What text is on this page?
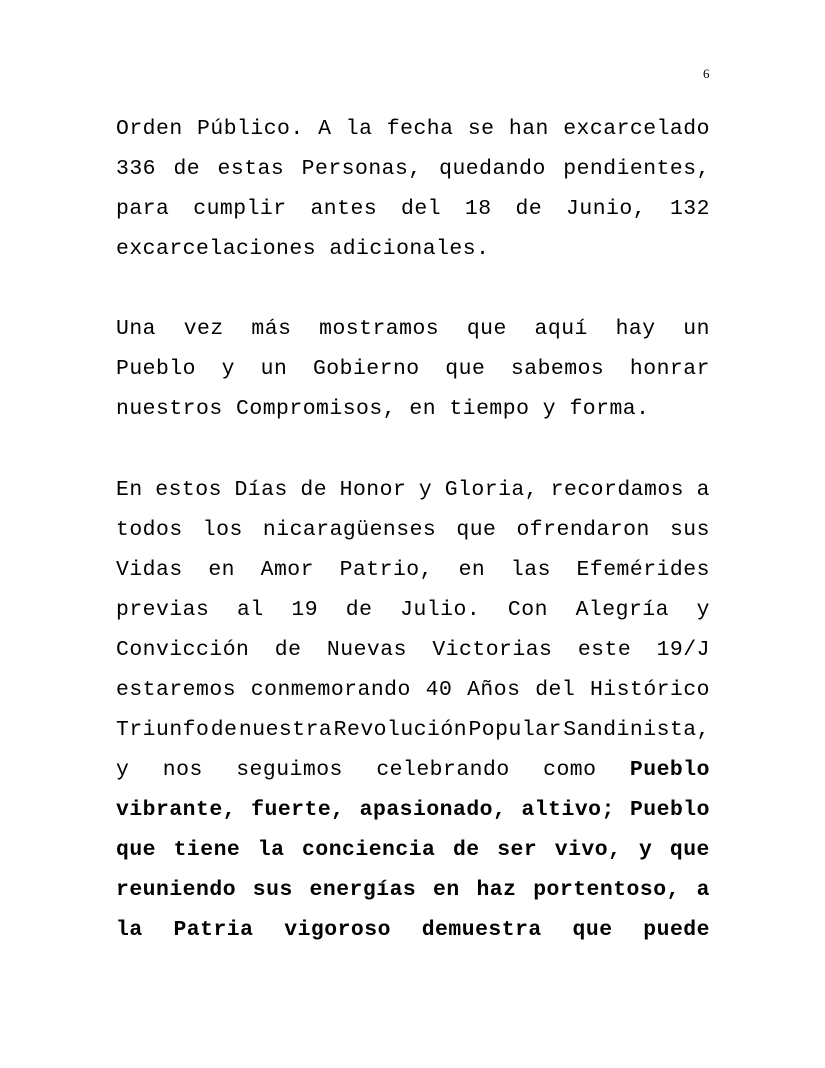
6
Orden Público. A la fecha se han excarcelado
336 de estas Personas, quedando pendientes,
para cumplir antes del 18 de Junio, 132
excarcelaciones adicionales.
Una vez más mostramos que aquí hay un
Pueblo y un Gobierno que sabemos honrar
nuestros Compromisos, en tiempo y forma.
En estos Días de Honor y Gloria, recordamos a
todos los nicaragüenses que ofrendaron sus
Vidas en Amor Patrio, en las Efemérides
previas al 19 de Julio. Con Alegría y
Convicción de Nuevas Victorias este 19/J
estaremos conmemorando 40 Años del Histórico
Triunfo de nuestra Revolución Popular Sandinista,
y nos seguimos celebrando como Pueblo
vibrante, fuerte, apasionado, altivo; Pueblo
que tiene la conciencia de ser vivo, y que
reuniendo sus energías en haz portentoso, a
la Patria vigoroso demuestra que puede
